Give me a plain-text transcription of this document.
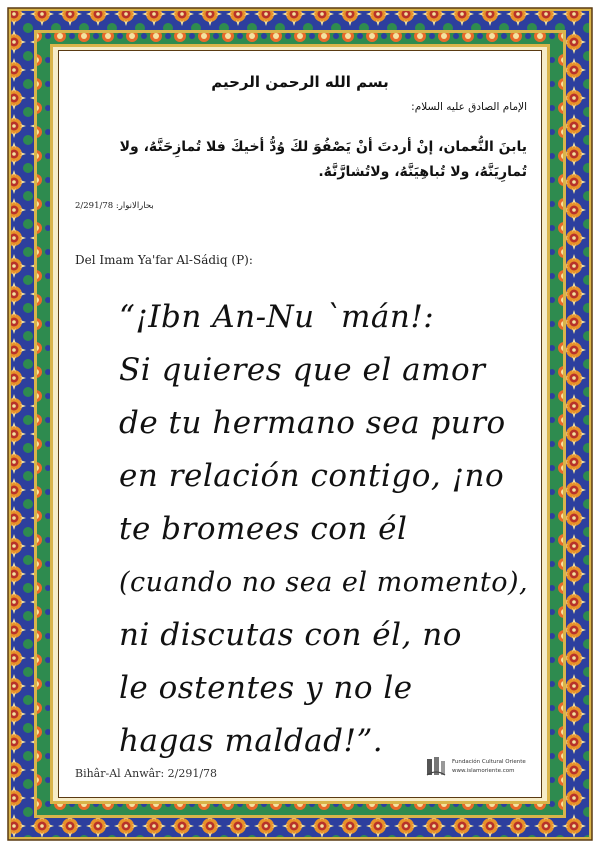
بسم الله الرحمن الرحيم
الإمام الصادق عليه السلام:
يابنَ النُّعمان، إنْ أردتَ أنْ يَصْفُوَ لكَ وُدُّ أخيكَ فلا تُمازِحَنَّهُ، ولا تُمارِيَنَّهُ، ولا تُباهِيَنَّهُ، ولاتُشارَّنَّهُ.
بحارالانوار: 2/291/78
Del Imam Ya'far Al-Sádiq (P):
“¡Ibn An-Nu `mán!:
Si quieres que el amor
de tu hermano sea puro
en relación contigo, ¡no
te bromees con él
(cuando no sea el momento),
ni discutas con él, no
le ostentes y no le
hagas maldad!”.
Bihâr-Al Anwâr: 2/291/78
Fundación Cultural Oriente
www.islamoriente.com
